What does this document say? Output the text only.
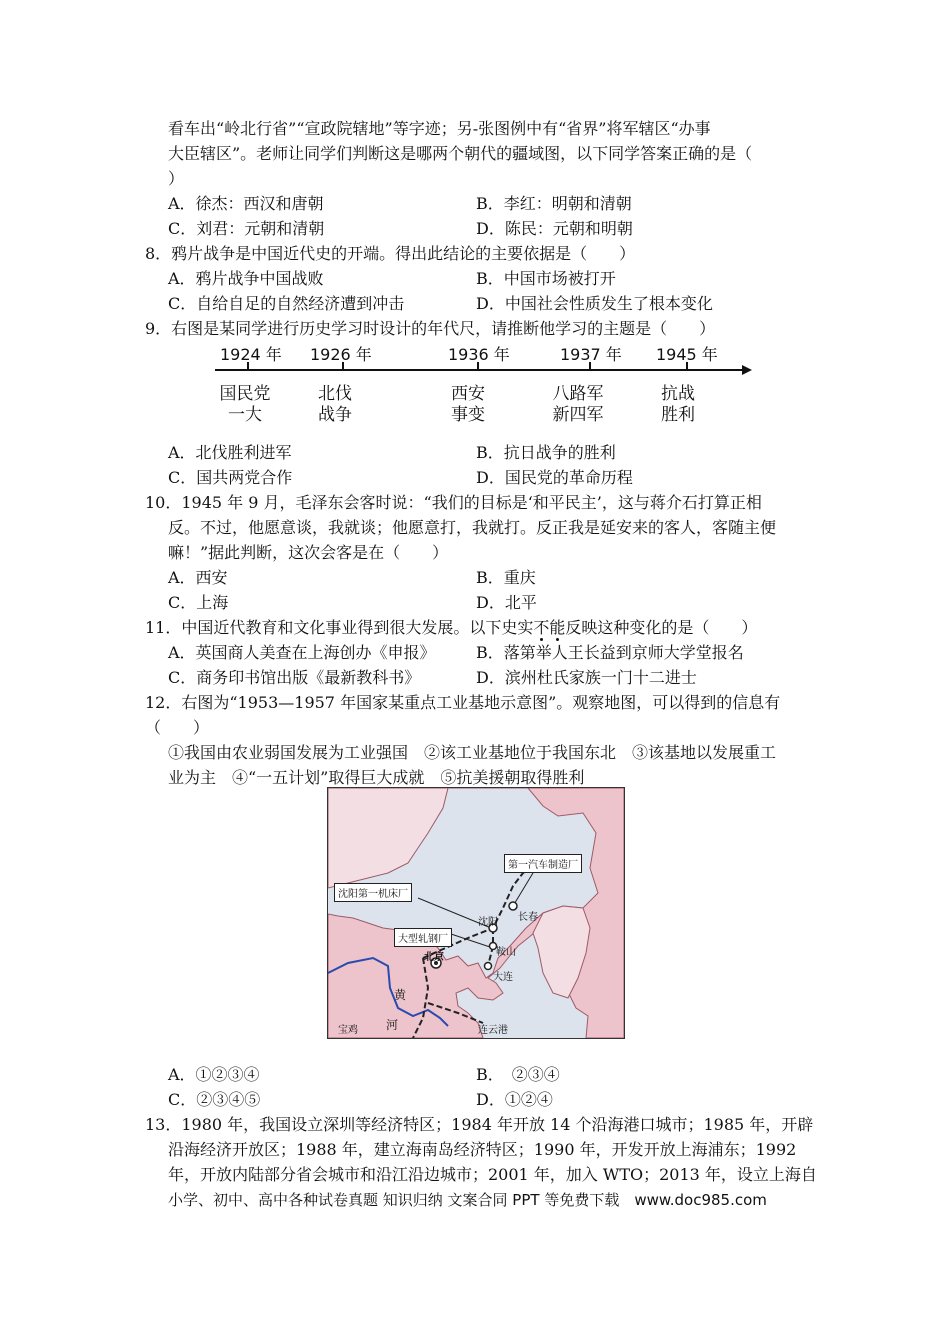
看车出“岭北行省”“宣政院辖地”等字迹；另-张图例中有“省界”将军辖区“办事
大臣辖区”。老师让同学们判断这是哪两个朝代的疆域图，以下同学答案正确的是（
）
A．徐杰：西汉和唐朝	B．李红：明朝和清朝
C．刘君：元朝和清朝	D．陈民：元朝和明朝
8．鸦片战争是中国近代史的开端。得出此结论的主要依据是（　　）
A．鸦片战争中国战败	B．中国市场被打开
C．自给自足的自然经济遭到冲击	D．中国社会性质发生了根本变化
9．右图是某同学进行历史学习时设计的年代尺，请推断他学习的主题是（　　）
1924 年 1926 年	1936 年	1937 年 1945 年
国民党
一大
北伐
战争
西安
事变
八路军
新四军
抗战
胜利
A．北伐胜利进军	B．抗日战争的胜利
C．国共两党合作	D．国民党的革命历程
10．1945 年 9 月，毛泽东会客时说：“我们的目标是‘和平民主’，这与蒋介石打算正相
反。不过，他愿意谈，我就谈；他愿意打，我就打。反正我是延安来的客人，客随主便
嘛！”据此判断，这次会客是在（　　）
A．西安	B．重庆
C．上海	D．北平
11．中国近代教育和文化事业得到很大发展。以下史实不能反映这种变化的是（　　）
A．英国商人美查在上海创办《申报》	B．落第举人王长益到京师大学堂报名
C．商务印书馆出版《最新教科书》	D．滨州杜氏家族一门十二进士
12．右图为“1953—1957 年国家某重点工业基地示意图”。观察地图，可以得到的信息有
（　　）
①我国由农业弱国发展为工业强国　②该工业基地位于我国东北　③该基地以发展重工
业为主　④“一五计划”取得巨大成就　⑤抗美援朝取得胜利
第一汽车制造厂
沈阳第一机床厂
大型轧钢厂
长春
沈阳
鞍山
北京
大连
宝鸡	连云港
黄
河
A．①②③④	B．　②③④
C．②③④⑤	D．①②④
13．1980 年，我国设立深圳等经济特区；1984 年开放 14 个沿海港口城市；1985 年，开辟
沿海经济开放区；1988 年，建立海南岛经济特区；1990 年，开发开放上海浦东；1992
年，开放内陆部分省会城市和沿江沿边城市；2001 年，加入 WTO；2013 年，设立上海自
小学、初中、高中各种试卷真题 知识归纳 文案合同 PPT 等免费下载　www.doc985.com
